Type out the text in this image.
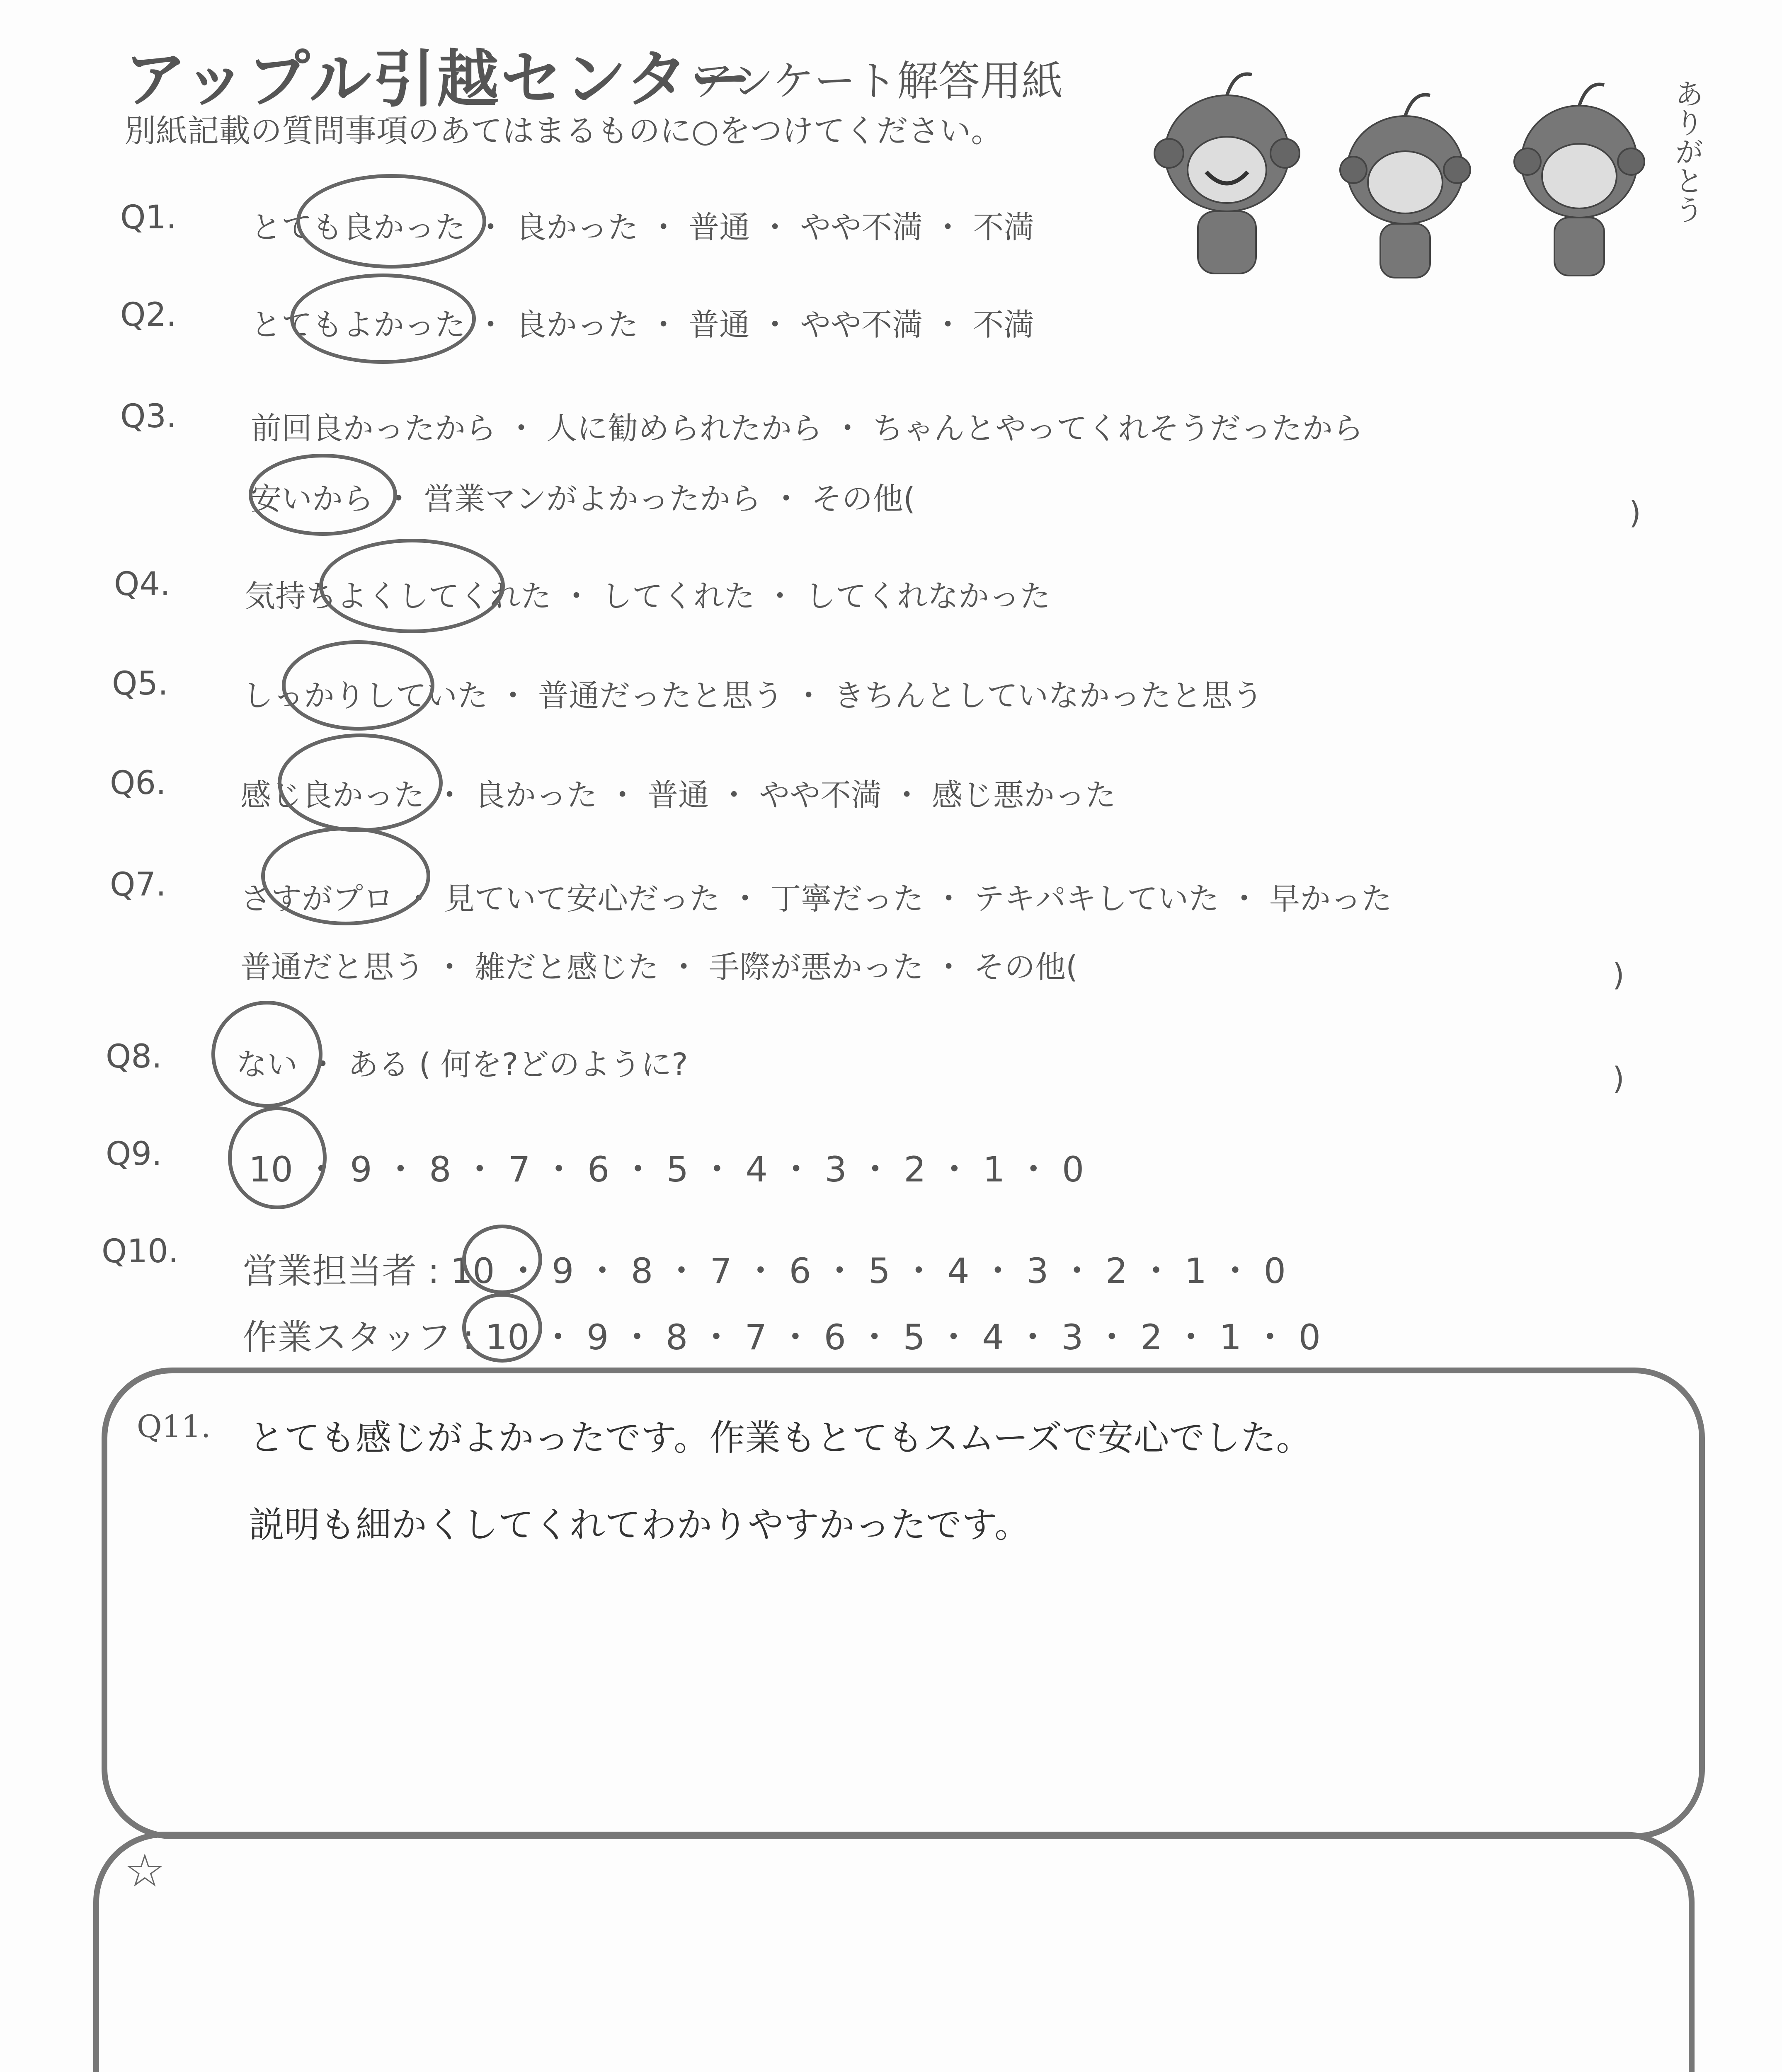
アップル引越センター
アンケート解答用紙
別紙記載の質問事項のあてはまるものに○をつけてください。	ありがとう
Q1. とても良かった ・ 良かった ・ 普通 ・ やや不満 ・ 不満
Q2. とてもよかった ・ 良かった ・ 普通 ・ やや不満 ・ 不満
Q3. 前回良かったから ・ 人に勧められたから ・ ちゃんとやってくれそうだったから
安いから ・ 営業マンがよかったから ・ その他(	)
Q4. 気持ちよくしてくれた ・ してくれた ・ してくれなかった
Q5. しっかりしていた ・ 普通だったと思う ・ きちんとしていなかったと思う
Q6. 感じ良かった ・ 良かった ・ 普通 ・ やや不満 ・ 感じ悪かった
Q7. さすがプロ ・ 見ていて安心だった ・ 丁寧だった ・ テキパキしていた ・ 早かった
普通だと思う ・ 雑だと感じた ・ 手際が悪かった ・ その他(	)
Q8. ない ・ ある ( 何を?どのように?	)
Q9. 10 ・ 9 ・ 8 ・ 7 ・ 6 ・ 5 ・ 4 ・ 3 ・ 2 ・ 1 ・ 0
Q10. 営業担当者 : 10 ・ 9 ・ 8 ・ 7 ・ 6 ・ 5 ・ 4 ・ 3 ・ 2 ・ 1 ・ 0
作業スタッフ : 10 ・ 9 ・ 8 ・ 7 ・ 6 ・ 5 ・ 4 ・ 3 ・ 2 ・ 1 ・ 0
Q11. とても感じがよかったです。作業もとてもスムーズで安心でした。
説明も細かくしてくれてわかりやすかったです。
☆
